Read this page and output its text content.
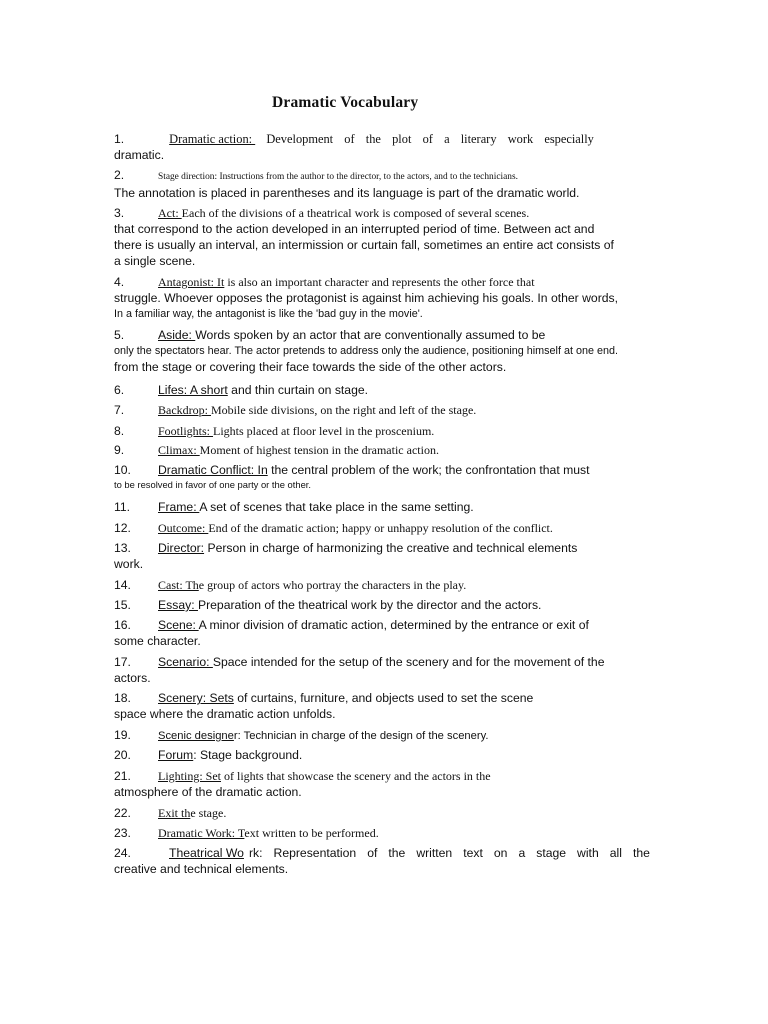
Dramatic Vocabulary
1.	Dramatic action: Development of the plot of a literary work especially
dramatic.
2.	Stage direction: Instructions from the author to the director, to the actors, and to the technicians.
The annotation is placed in parentheses and its language is part of the dramatic world.
3.	Act: Each of the divisions of a theatrical work is composed of several scenes.
that correspond to the action developed in an interrupted period of time. Between act and
there is usually an interval, an intermission or curtain fall, sometimes an entire act consists of
a single scene.
4.	Antagonist: It is also an important character and represents the other force that
struggle. Whoever opposes the protagonist is against him achieving his goals. In other words,
In a familiar way, the antagonist is like the 'bad guy in the movie'.
5.	Aside: Words spoken by an actor that are conventionally assumed to be
only the spectators hear. The actor pretends to address only the audience, positioning himself at one end.
from the stage or covering their face towards the side of the other actors.
6.	Lifes: A short and thin curtain on stage.
7.	Backdrop: Mobile side divisions, on the right and left of the stage.
8.	Footlights: Lights placed at floor level in the proscenium.
9.	Climax: Moment of highest tension in the dramatic action.
10. Dramatic Conflict: In the central problem of the work; the confrontation that must
to be resolved in favor of one party or the other.
11. Frame: A set of scenes that take place in the same setting.
12. Outcome: End of the dramatic action; happy or unhappy resolution of the conflict.
13. Director: Person in charge of harmonizing the creative and technical elements
work.
14. Cast: The group of actors who portray the characters in the play.
15. Essay: Preparation of the theatrical work by the director and the actors.
16. Scene: A minor division of dramatic action, determined by the entrance or exit of
some character.
17. Scenario: Space intended for the setup of the scenery and for the movement of the
actors.
18. Scenery: Sets of curtains, furniture, and objects used to set the scene
space where the dramatic action unfolds.
19. Scenic designer: Technician in charge of the design of the scenery.
20. Forum: Stage background.
21. Lighting: Set of lights that showcase the scenery and the actors in the
atmosphere of the dramatic action.
22. Exit the stage.
23. Dramatic Work: Text written to be performed.
24.	Theatrical Wo rk: Representation of the written text on a stage with all the
creative and technical elements.
